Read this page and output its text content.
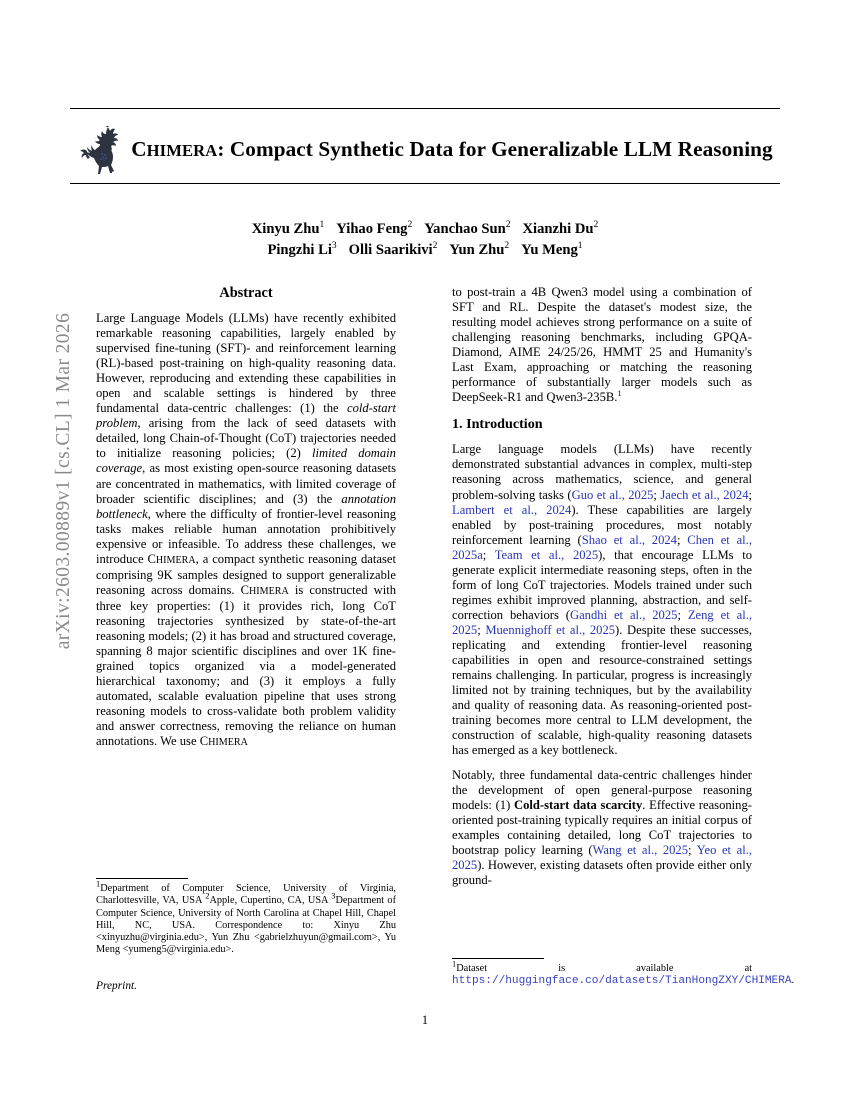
arXiv:2603.00889v1 [cs.CL] 1 Mar 2026
CHIMERA: Compact Synthetic Data for Generalizable LLM Reasoning
Xinyu Zhu$^1$ Yihao Feng$^2$ Yanchao Sun$^2$ Xianzhi Du$^2$
Pingzhi Li$^3$ Olli Saarikivi$^2$ Yun Zhu$^2$ Yu Meng$^1$
Abstract

Large Language Models (LLMs) have recently exhibited remarkable reasoning capabilities, largely enabled by supervised fine-tuning (SFT)- and reinforcement learning (RL)-based post-training on high-quality reasoning data. However, reproducing and extending these capabilities in open and scalable settings is hindered by three fundamental data-centric challenges: (1) the cold-start problem, arising from the lack of seed datasets with detailed, long Chain-of-Thought (CoT) trajectories needed to initialize reasoning policies; (2) limited domain coverage, as most existing open-source reasoning datasets are concentrated in mathematics, with limited coverage of broader scientific disciplines; and (3) the annotation bottleneck, where the difficulty of frontier-level reasoning tasks makes reliable human annotation prohibitively expensive or infeasible. To address these challenges, we introduce CHIMERA, a compact synthetic reasoning dataset comprising 9K samples designed to support generalizable reasoning across domains. CHIMERA is constructed with three key properties: (1) it provides rich, long CoT reasoning trajectories synthesized by state-of-the-art reasoning models; (2) it has broad and structured coverage, spanning 8 major scientific disciplines and over 1K fine-grained topics organized via a model-generated hierarchical taxonomy; and (3) it employs a fully automated, scalable evaluation pipeline that uses strong reasoning models to cross-validate both problem validity and answer correctness, removing the reliance on human annotations. We use CHIMERA

to post-train a 4B Qwen3 model using a combination of SFT and RL. Despite the dataset's modest size, the resulting model achieves strong performance on a suite of challenging reasoning benchmarks, including GPQA-Diamond, AIME 24/25/26, HMMT 25 and Humanity's Last Exam, approaching or matching the reasoning performance of substantially larger models such as DeepSeek-R1 and Qwen3-235B.$^1$

1. Introduction

Large language models (LLMs) have recently demonstrated substantial advances in complex, multi-step reasoning across mathematics, science, and general problem-solving tasks (Guo et al., 2025; Jaech et al., 2024; Lambert et al., 2024). These capabilities are largely enabled by post-training procedures, most notably reinforcement learning (Shao et al., 2024; Chen et al., 2025a; Team et al., 2025), that encourage LLMs to generate explicit intermediate reasoning steps, often in the form of long CoT trajectories. Models trained under such regimes exhibit improved planning, abstraction, and self-correction behaviors (Gandhi et al., 2025; Zeng et al., 2025; Muennighoff et al., 2025). Despite these successes, replicating and extending frontier-level reasoning capabilities in open and resource-constrained settings remains challenging. In particular, progress is increasingly limited not by training techniques, but by the availability and quality of reasoning data. As reasoning-oriented post-training becomes more central to LLM development, the construction of scalable, high-quality reasoning datasets has emerged as a key bottleneck.

Notably, three fundamental data-centric challenges hinder the development of open general-purpose reasoning models: (1) Cold-start data scarcity. Effective reasoning-oriented post-training typically requires an initial corpus of examples containing detailed, long CoT trajectories to bootstrap policy learning (Wang et al., 2025; Yeo et al., 2025). However, existing datasets often provide either only ground-

$^1$Department of Computer Science, University of Virginia, Charlottesville, VA, USA $^2$Apple, Cupertino, CA, USA $^3$Department of Computer Science, University of North Carolina at Chapel Hill, Chapel Hill, NC, USA. Correspondence to: Xinyu Zhu <xinyuzhu@virginia.edu>, Yun Zhu <gabrielzhuyun@gmail.com>, Yu Meng <yumeng5@virginia.edu>.

$^1$Dataset is available at https://huggingface.co/datasets/TianHongZXY/CHIMERA.

Preprint.
1
